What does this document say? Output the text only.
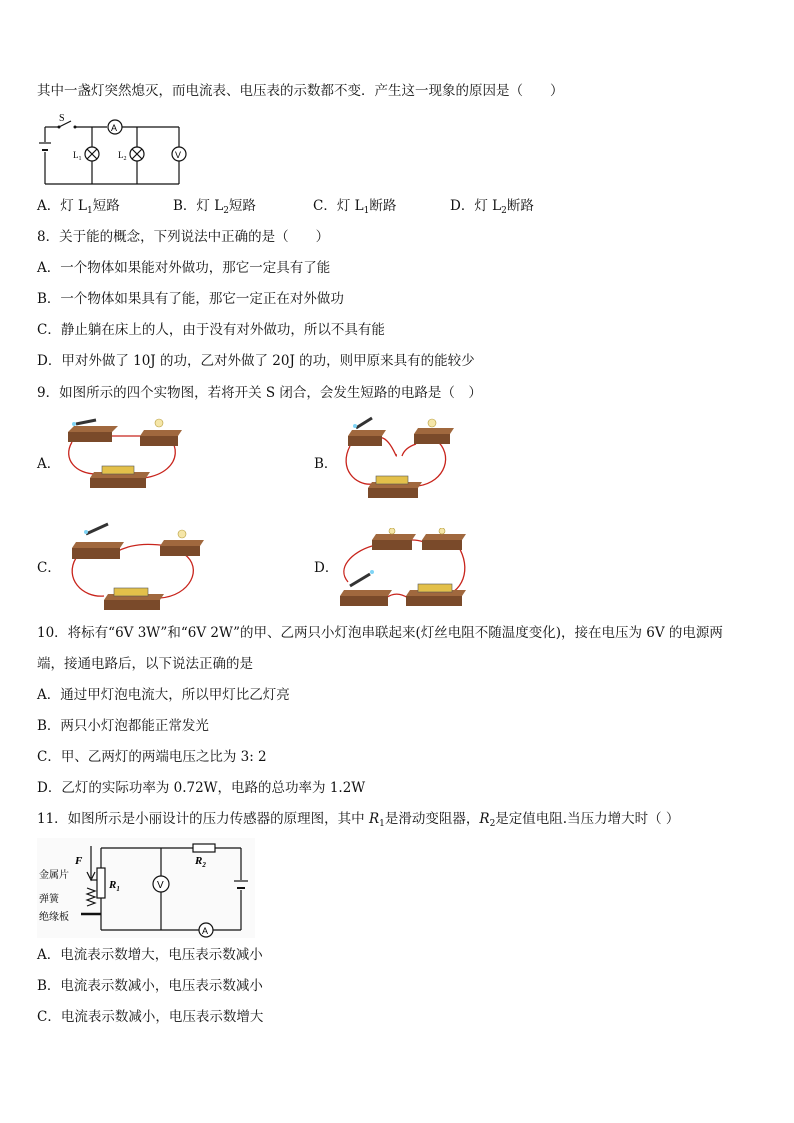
其中一盏灯突然熄灭，而电流表、电压表的示数都不变．产生这一现象的原因是（　　）
S
A
V
$L_1$	$L_2$
A．灯 $L_1$短路	B．灯 $L_2$短路	C．灯 $L_1$断路	D．灯 $L_2$断路
8．关于能的概念，下列说法中正确的是（　　）
A．一个物体如果能对外做功，那它一定具有了能
B．一个物体如果具有了能，那它一定正在对外做功
C．静止躺在床上的人，由于没有对外做功，所以不具有能
D．甲对外做了 10J 的功，乙对外做了 20J 的功，则甲原来具有的能较少
9．如图所示的四个实物图，若将开关 S 闭合，会发生短路的电路是（　）
A．	B．
C．	D．
10．将标有“6V 3W”和“6V 2W”的甲、乙两只小灯泡串联起来(灯丝电阻不随温度变化)，接在电压为 6V 的电源两
端，接通电路后，以下说法正确的是
A．通过甲灯泡电流大，所以甲灯比乙灯亮
B．两只小灯泡都能正常发光
C．甲、乙两灯的两端电压之比为 3: 2
D．乙灯的实际功率为 0.72W，电路的总功率为 1.2W
11．如图所示是小丽设计的压力传感器的原理图，其中 $R_1$是滑动变阻器，$R_2$是定值电阻.当压力增大时（ ）
F
金属片
弹簧
绝缘板
$R_1$
$R_2$
V
A
A．电流表示数增大，电压表示数减小
B．电流表示数减小，电压表示数减小
C．电流表示数减小，电压表示数增大
